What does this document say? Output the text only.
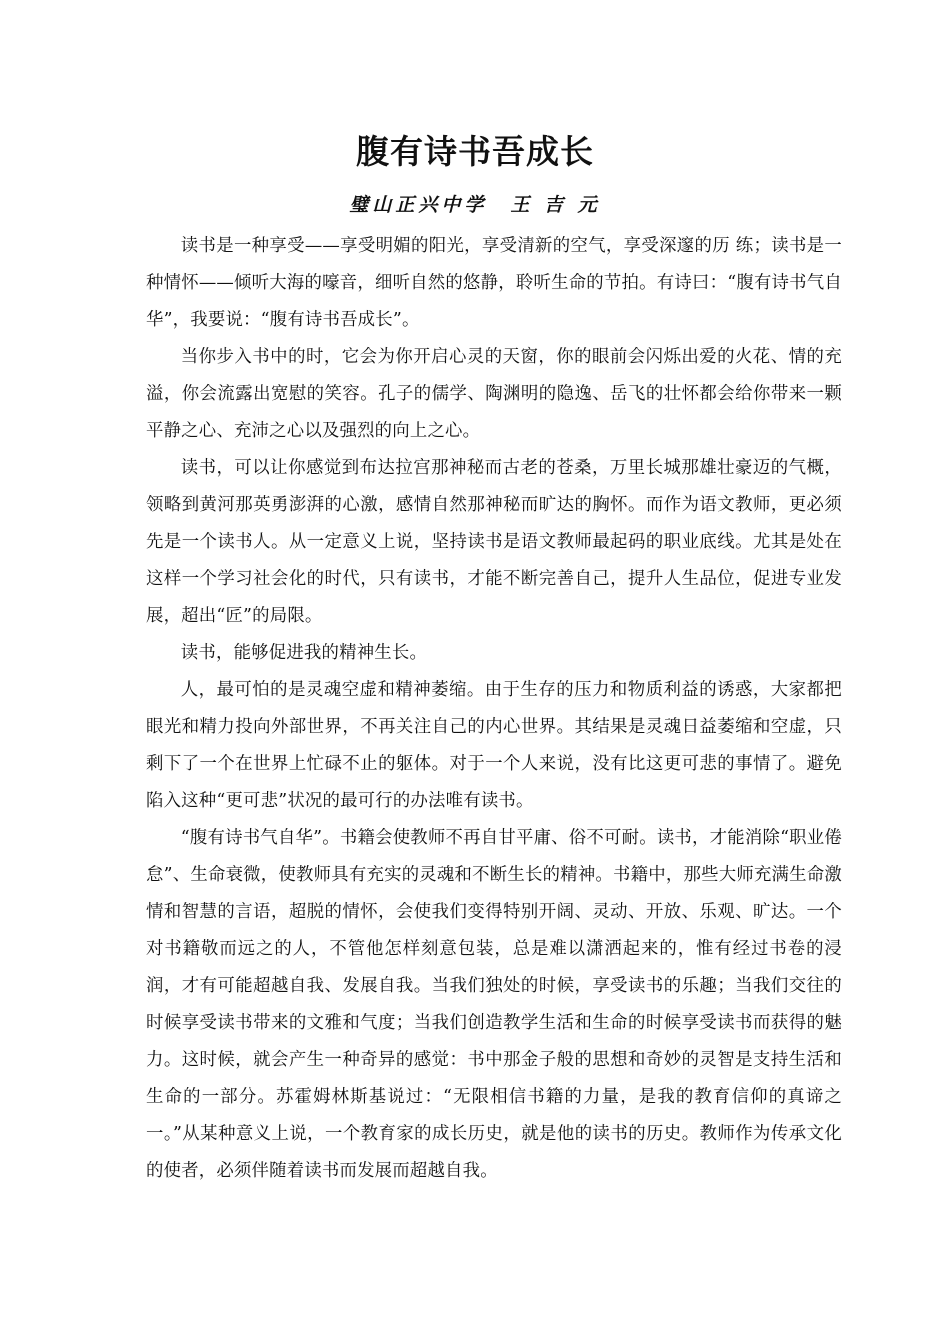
腹有诗书吾成长
璧山正兴中学　王 吉 元

读书是一种享受——享受明媚的阳光，享受清新的空气，享受深邃的历 练；读书是一种情怀——倾听大海的嚎音，细听自然的悠静，聆听生命的节拍。有诗曰：“腹有诗书气自华”，我要说：“腹有诗书吾成长”。

当你步入书中的时，它会为你开启心灵的天窗，你的眼前会闪烁出爱的火花、情的充溢，你会流露出宽慰的笑容。孔子的儒学、陶渊明的隐逸、岳飞的壮怀都会给你带来一颗平静之心、充沛之心以及强烈的向上之心。

读书，可以让你感觉到布达拉宫那神秘而古老的苍桑，万里长城那雄壮豪迈的气概，领略到黄河那英勇澎湃的心激，感情自然那神秘而旷达的胸怀。而作为语文教师，更必须先是一个读书人。从一定意义上说，坚持读书是语文教师最起码的职业底线。尤其是处在这样一个学习社会化的时代，只有读书，才能不断完善自己，提升人生品位，促进专业发展，超出“匠”的局限。

读书，能够促进我的精神生长。

人，最可怕的是灵魂空虚和精神萎缩。由于生存的压力和物质利益的诱惑，大家都把眼光和精力投向外部世界，不再关注自己的内心世界。其结果是灵魂日益萎缩和空虚，只剩下了一个在世界上忙碌不止的躯体。对于一个人来说，没有比这更可悲的事情了。避免陷入这种“更可悲”状况的最可行的办法唯有读书。

“腹有诗书气自华”。书籍会使教师不再自甘平庸、俗不可耐。读书，才能消除“职业倦怠”、生命衰微，使教师具有充实的灵魂和不断生长的精神。书籍中，那些大师充满生命激情和智慧的言语，超脱的情怀，会使我们变得特别开阔、灵动、开放、乐观、旷达。一个对书籍敬而远之的人，不管他怎样刻意包装，总是难以潇洒起来的，惟有经过书卷的浸润，才有可能超越自我、发展自我。当我们独处的时候，享受读书的乐趣；当我们交往的时候享受读书带来的文雅和气度；当我们创造教学生活和生命的时候享受读书而获得的魅力。这时候，就会产生一种奇异的感觉：书中那金子般的思想和奇妙的灵智是支持生活和生命的一部分。苏霍姆林斯基说过：“无限相信书籍的力量，是我的教育信仰的真谛之一。”从某种意义上说，一个教育家的成长历史，就是他的读书的历史。教师作为传承文化的使者，必须伴随着读书而发展而超越自我。
